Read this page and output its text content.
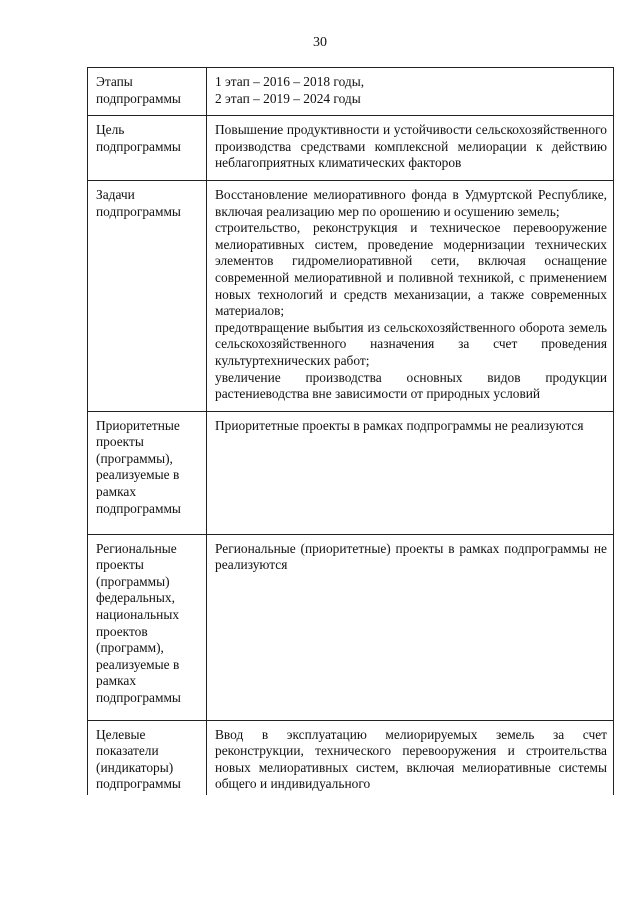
30
Этапы подпрограммы	1 этап – 2016 – 2018 годы,
2 этап – 2019 – 2024 годы

Цель подпрограммы	Повышение продуктивности и устойчивости сельскохозяйственного производства средствами комплексной мелиорации к действию неблагоприятных климатических факторов

Задачи подпрограммы	Восстановление мелиоративного фонда в Удмуртской Республике, включая реализацию мер по орошению и осушению земель;
строительство, реконструкция и техническое перевооружение мелиоративных систем, проведение модернизации технических элементов гидромелиоративной сети, включая оснащение современной мелиоративной и поливной техникой, с применением новых технологий и средств механизации, а также современных материалов;
предотвращение выбытия из сельскохозяйственного оборота земель сельскохозяйственного назначения за счет проведения культуртехнических работ;
увеличение производства основных видов продукции растениеводства вне зависимости от природных условий

Приоритетные проекты (программы), реализуемые в рамках подпрограммы	Приоритетные проекты в рамках подпрограммы не реализуются

Региональные проекты (программы) федеральных, национальных проектов (программ), реализуемые в рамках подпрограммы	Региональные (приоритетные) проекты в рамках подпрограммы не реализуются

Целевые показатели (индикаторы) подпрограммы	Ввод в эксплуатацию мелиорируемых земель за счет реконструкции, технического перевооружения и строительства новых мелиоративных систем, включая мелиоративные системы общего и индивидуального
